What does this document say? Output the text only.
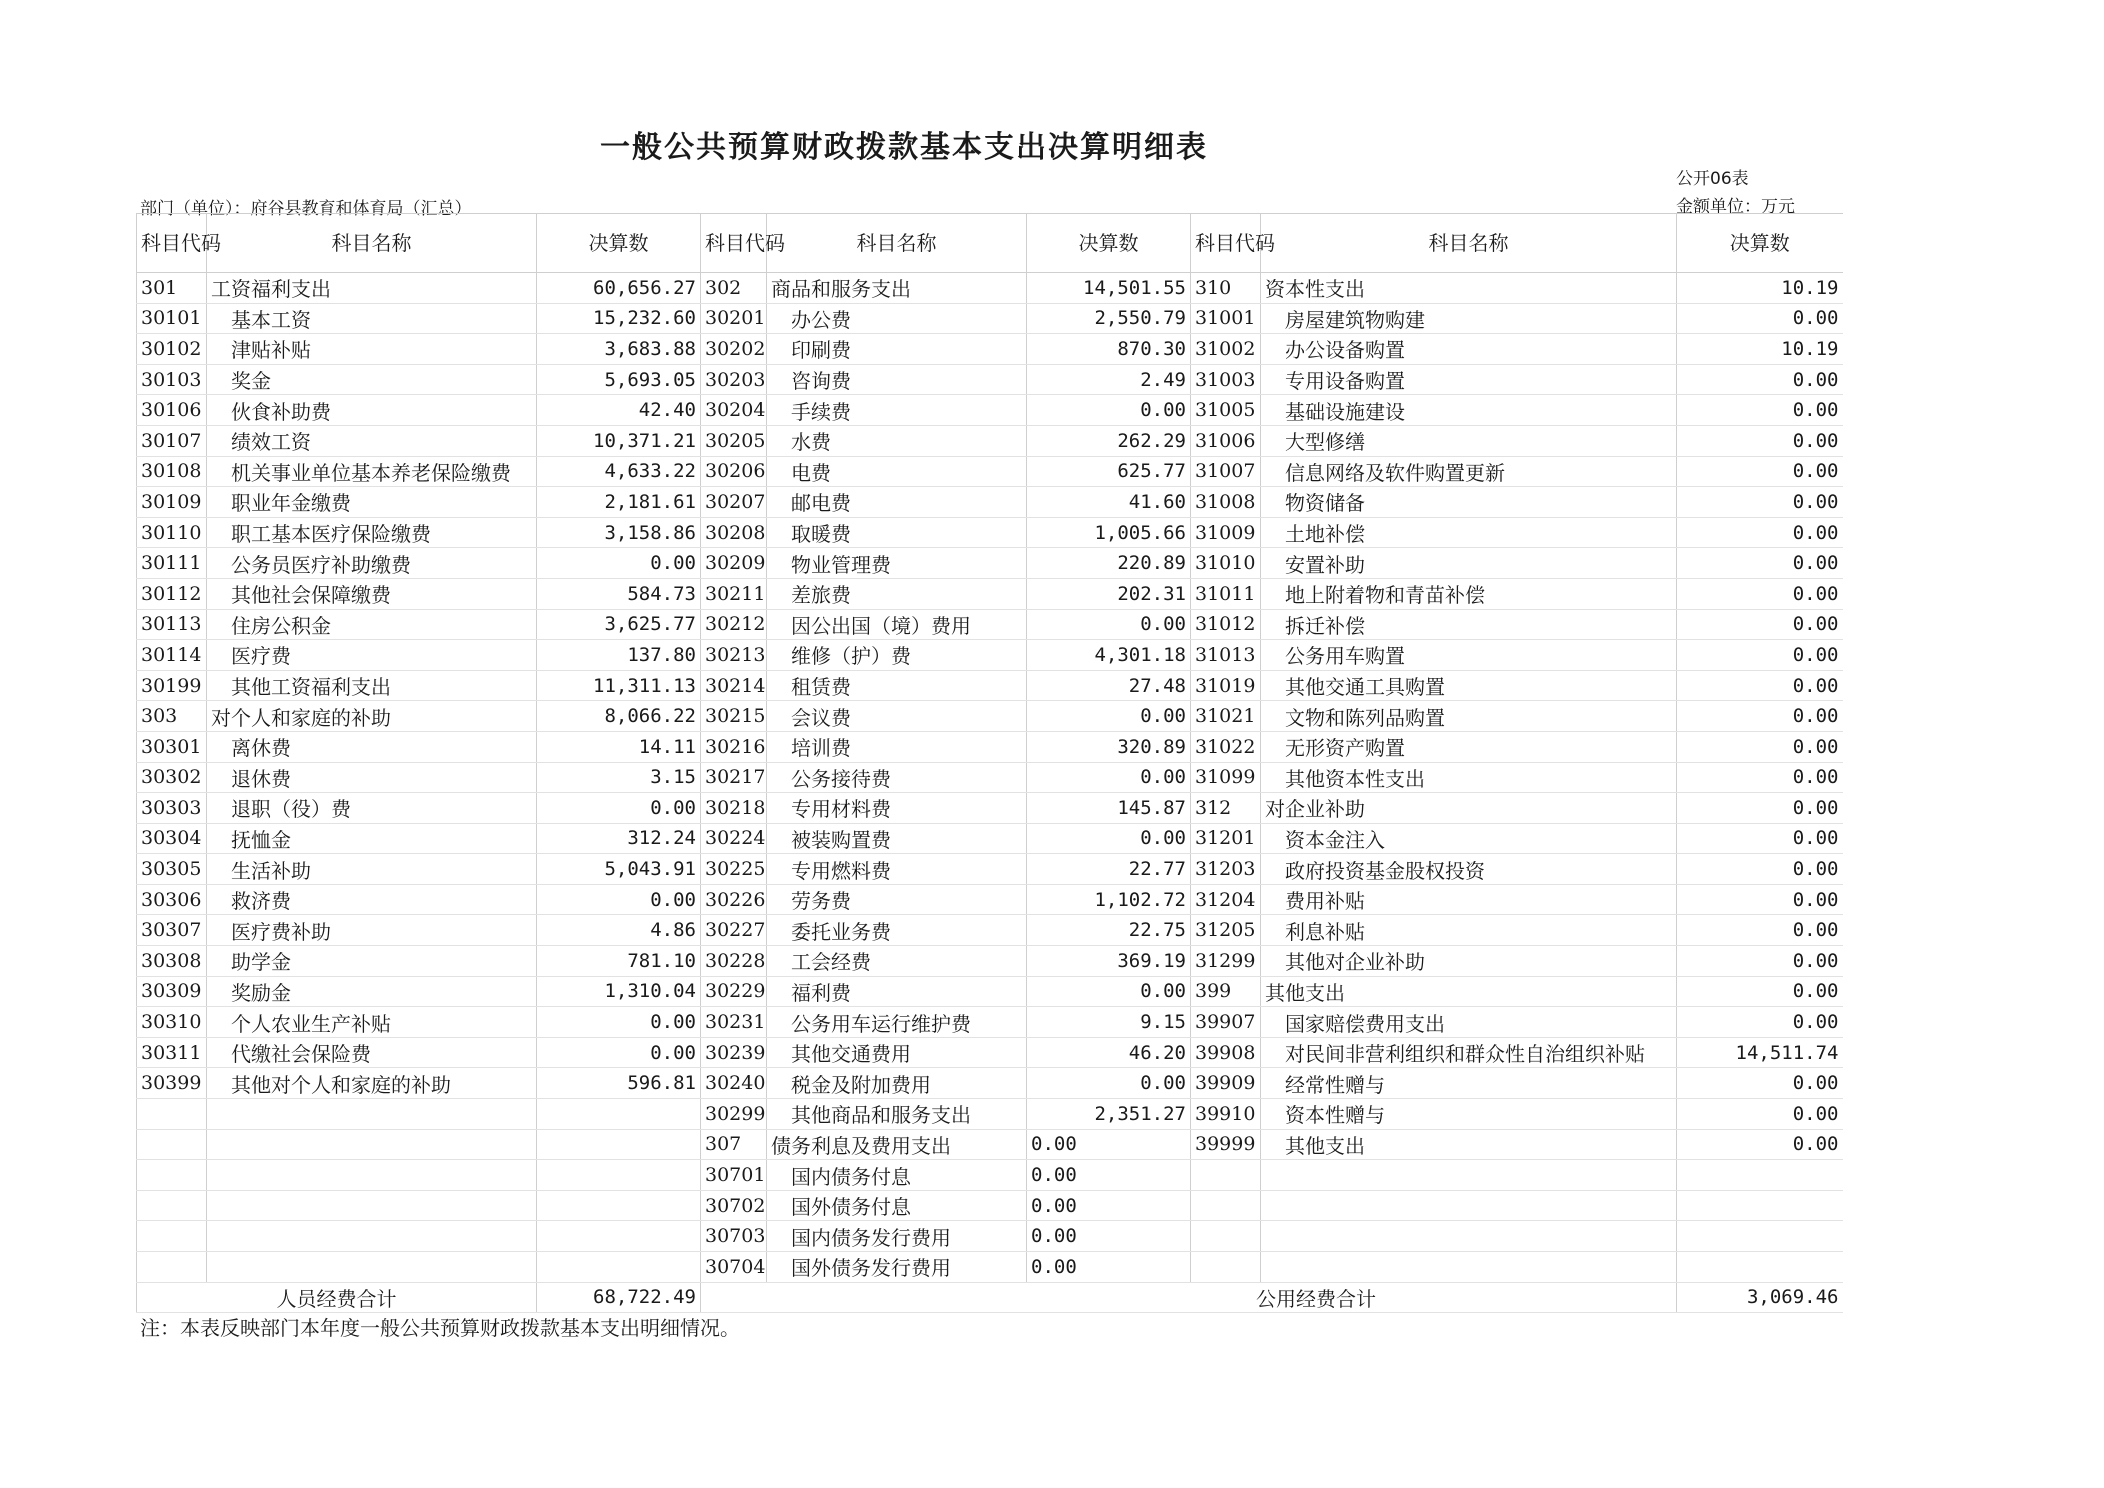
一般公共预算财政拨款基本支出决算明细表
公开06表
金额单位：万元
部门（单位）：府谷县教育和体育局（汇总）
科目代码	科目名称	决算数	科目代码	科目名称	决算数	科目代码	科目名称	决算数
301	工资福利支出	60,656.27	302	商品和服务支出	14,501.55	310	资本性支出	10.19
30101	基本工资	15,232.60	30201	办公费	2,550.79	31001	房屋建筑物购建	0.00
30102	津贴补贴	3,683.88	30202	印刷费	870.30	31002	办公设备购置	10.19
30103	奖金	5,693.05	30203	咨询费	2.49	31003	专用设备购置	0.00
30106	伙食补助费	42.40	30204	手续费	0.00	31005	基础设施建设	0.00
30107	绩效工资	10,371.21	30205	水费	262.29	31006	大型修缮	0.00
30108	机关事业单位基本养老保险缴费	4,633.22	30206	电费	625.77	31007	信息网络及软件购置更新	0.00
30109	职业年金缴费	2,181.61	30207	邮电费	41.60	31008	物资储备	0.00
30110	职工基本医疗保险缴费	3,158.86	30208	取暖费	1,005.66	31009	土地补偿	0.00
30111	公务员医疗补助缴费	0.00	30209	物业管理费	220.89	31010	安置补助	0.00
30112	其他社会保障缴费	584.73	30211	差旅费	202.31	31011	地上附着物和青苗补偿	0.00
30113	住房公积金	3,625.77	30212	因公出国（境）费用	0.00	31012	拆迁补偿	0.00
30114	医疗费	137.80	30213	维修（护）费	4,301.18	31013	公务用车购置	0.00
30199	其他工资福利支出	11,311.13	30214	租赁费	27.48	31019	其他交通工具购置	0.00
303	对个人和家庭的补助	8,066.22	30215	会议费	0.00	31021	文物和陈列品购置	0.00
30301	离休费	14.11	30216	培训费	320.89	31022	无形资产购置	0.00
30302	退休费	3.15	30217	公务接待费	0.00	31099	其他资本性支出	0.00
30303	退职（役）费	0.00	30218	专用材料费	145.87	312	对企业补助	0.00
30304	抚恤金	312.24	30224	被装购置费	0.00	31201	资本金注入	0.00
30305	生活补助	5,043.91	30225	专用燃料费	22.77	31203	政府投资基金股权投资	0.00
30306	救济费	0.00	30226	劳务费	1,102.72	31204	费用补贴	0.00
30307	医疗费补助	4.86	30227	委托业务费	22.75	31205	利息补贴	0.00
30308	助学金	781.10	30228	工会经费	369.19	31299	其他对企业补助	0.00
30309	奖励金	1,310.04	30229	福利费	0.00	399	其他支出	0.00
30310	个人农业生产补贴	0.00	30231	公务用车运行维护费	9.15	39907	国家赔偿费用支出	0.00
30311	代缴社会保险费	0.00	30239	其他交通费用	46.20	39908	对民间非营利组织和群众性自治组织补贴	14,511.74
30399	其他对个人和家庭的补助	596.81	30240	税金及附加费用	0.00	39909	经常性赠与	0.00
			30299	其他商品和服务支出	2,351.27	39910	资本性赠与	0.00
			307	债务利息及费用支出	0.00	39999	其他支出	0.00
			30701	国内债务付息	0.00			
			30702	国外债务付息	0.00			
			30703	国内债务发行费用	0.00			
			30704	国外债务发行费用	0.00			
人员经费合计		68,722.49	公用经费合计					3,069.46
注：本表反映部门本年度一般公共预算财政拨款基本支出明细情况。
